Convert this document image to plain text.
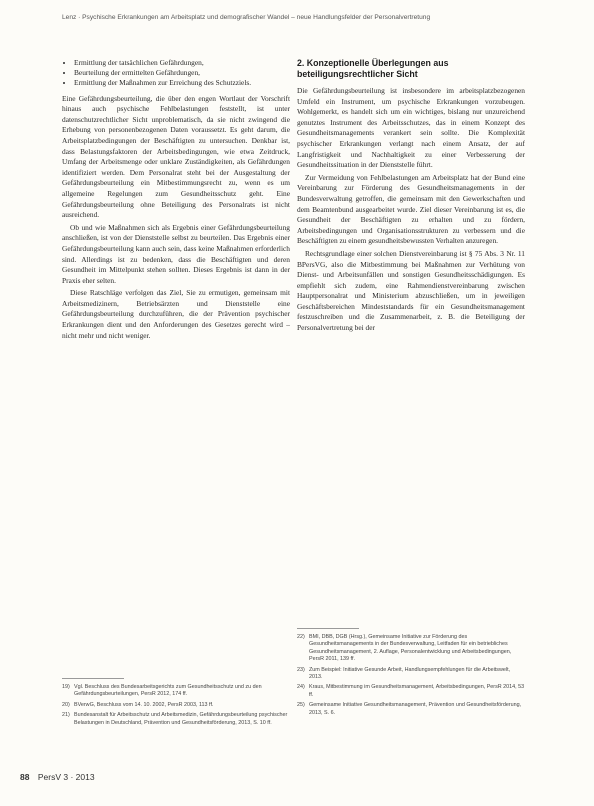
Lenz · Psychische Erkrankungen am Arbeitsplatz und demografischer Wandel – neue Handlungsfelder der Personalvertretung
• Ermittlung der tatsächlichen Gefährdungen,
• Beurteilung der ermittelten Gefährdungen,
• Ermittlung der Maßnahmen zur Erreichung des Schutzziels.

Eine Gefährdungsbeurteilung, die über den engen Wortlaut der Vorschrift hinaus auch psychische Fehlbelastungen feststellt, ist unter datenschutzrechtlicher Sicht unproblematisch, da sie nicht zwingend die Erhebung von personenbezogenen Daten voraussetzt. Es geht darum, die Arbeitsplatzbedingungen der Beschäftigten zu untersuchen. Denkbar ist, dass Belastungsfaktoren der Arbeitsbedingungen, wie etwa Zeitdruck, Umfang der Arbeitsmenge oder unklare Zuständigkeiten, als Gefährdungen identifiziert werden. Dem Personalrat steht bei der Ausgestaltung der Gefährdungsbeurteilung ein Mitbestimmungsrecht zu, wenn es um allgemeine Regelungen zum Gesundheitsschutz geht. Eine Gefährdungsbeurteilung ohne Beteiligung des Personalrats ist nicht ausreichend.

Ob und wie Maßnahmen sich als Ergebnis einer Gefährdungsbeurteilung anschließen, ist von der Dienststelle selbst zu beurteilen. Das Ergebnis einer Gefährdungsbeurteilung kann auch sein, dass keine Maßnahmen erforderlich sind. Allerdings ist zu bedenken, dass die Beschäftigten und deren Gesundheit im Mittelpunkt stehen sollten. Dieses Ergebnis ist dann in der Praxis eher selten.

Diese Ratschläge verfolgen das Ziel, Sie zu ermutigen, gemeinsam mit Arbeitsmedizinern, Betriebsärzten und Dienststelle eine Gefährdungsbeurteilung durchzuführen, die der Prävention psychischer Erkrankungen dient und den Anforderungen des Gesetzes gerecht wird – nicht mehr und nicht weniger.

19) Vgl. Beschluss des Bundesarbeitsgerichts zum Gesundheitsschutz und zu den Gefährdungsbeurteilungen, PersR 2012, 174 ff.
20) BVerwG, Beschluss vom 14. 10. 2002, PersR 2003, 113 ff.
21) Bundesanstalt für Arbeitsschutz und Arbeitsmedizin, Gefährdungsbeurteilung psychischer Belastungen in Deutschland, Prävention und Gesundheitsförderung, 2013, S. 10 ff.
2. Konzeptionelle Überlegungen aus beteiligungsrechtlicher Sicht

Die Gefährdungsbeurteilung ist insbesondere im arbeitsplatzbezogenen Umfeld ein Instrument, um psychische Erkrankungen vorzubeugen. Wohlgemerkt, es handelt sich um ein wichtiges, bislang nur unzureichend genutztes Instrument des Arbeitsschutzes, das in einem Konzept des Gesundheitsmanagements verankert sein sollte. Die Komplexität psychischer Erkrankungen verlangt nach einem Ansatz, der auf Langfristigkeit und Nachhaltigkeit zu einer Verbesserung der Gesundheitssituation in der Dienststelle führt.

Zur Vermeidung von Fehlbelastungen am Arbeitsplatz hat der Bund eine Vereinbarung zur Förderung des Gesundheitsmanagements in der Bundesverwaltung getroffen, die gemeinsam mit den Gewerkschaften und dem Beamtenbund ausgearbeitet wurde. Ziel dieser Vereinbarung ist es, die Gesundheit der Beschäftigten zu erhalten und zu fördern, Arbeitsbedingungen und Organisationsstrukturen zu verbessern und die Beschäftigten zu einem gesundheitsbewussten Verhalten anzuregen.

Rechtsgrundlage einer solchen Dienstvereinbarung ist § 75 Abs. 3 Nr. 11 BPersVG, also die Mitbestimmung bei Maßnahmen zur Verhütung von Dienst- und Arbeitsunfällen und sonstigen Gesundheitsschädigungen. Es empfiehlt sich zudem, eine Rahmendienstvereinbarung zwischen Hauptpersonalrat und Ministerium abzuschließen, um in jeweiligen Geschäftsbereichen Mindeststandards für ein Gesundheitsmanagement festzuschreiben und die Zusammenarbeit, z. B. die Beteiligung der Personalvertretung bei der

22) BMI, DBB, DGB (Hrsg.), Gemeinsame Initiative zur Förderung des Gesundheitsmanagements in der Bundesverwaltung, Leitfaden für ein betriebliches Gesundheitsmanagement, 2. Auflage, Personalentwicklung und Arbeitsbedingungen, PersR 2011, 139 ff.
23) Zum Beispiel: Initiative Gesunde Arbeit, Handlungsempfehlungen für die Arbeitswelt, 2013.
24) Kraus, Mitbestimmung im Gesundheitsmanagement, Arbeitsbedingungen, PersR 2014, 53 ff.
25) Gemeinsame Initiative Gesundheitsmanagement, Prävention und Gesundheitsförderung, 2013, S. 6.
88 PersV 3 · 2013
